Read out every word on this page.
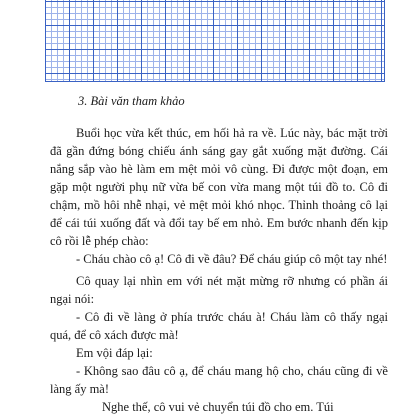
3. Bài văn tham khảo

Buổi học vừa kết thúc, em hối hả ra về. Lúc này, bác mặt trời đã gần đứng bóng chiếu ánh sáng gay gắt xuống mặt đường. Cái nắng sắp vào hè làm em mệt mỏi vô cùng. Đi được một đoạn, em gặp một người phụ nữ vừa bế con vừa mang một túi đồ to. Cô đi chậm, mồ hôi nhễ nhại, vẻ mệt mỏi khó nhọc. Thỉnh thoảng cô lại để cái túi xuống đất và đổi tay bế em nhỏ. Em bước nhanh đến kịp cô rồi lễ phép chào:

- Cháu chào cô ạ! Cô đi về đâu? Để cháu giúp cô một tay nhé!

Cô quay lại nhìn em với nét mặt mừng rỡ nhưng có phần ái ngại nói:

- Cô đi về làng ở phía trước cháu à! Cháu làm cô thấy ngại quá, để cô xách được mà!

Em vội đáp lại:

- Không sao đâu cô ạ, để cháu mang hộ cho, cháu cũng đi về làng ấy mà!

Nghe thế, cô vui vẻ chuyển túi đồ cho em. Túi
